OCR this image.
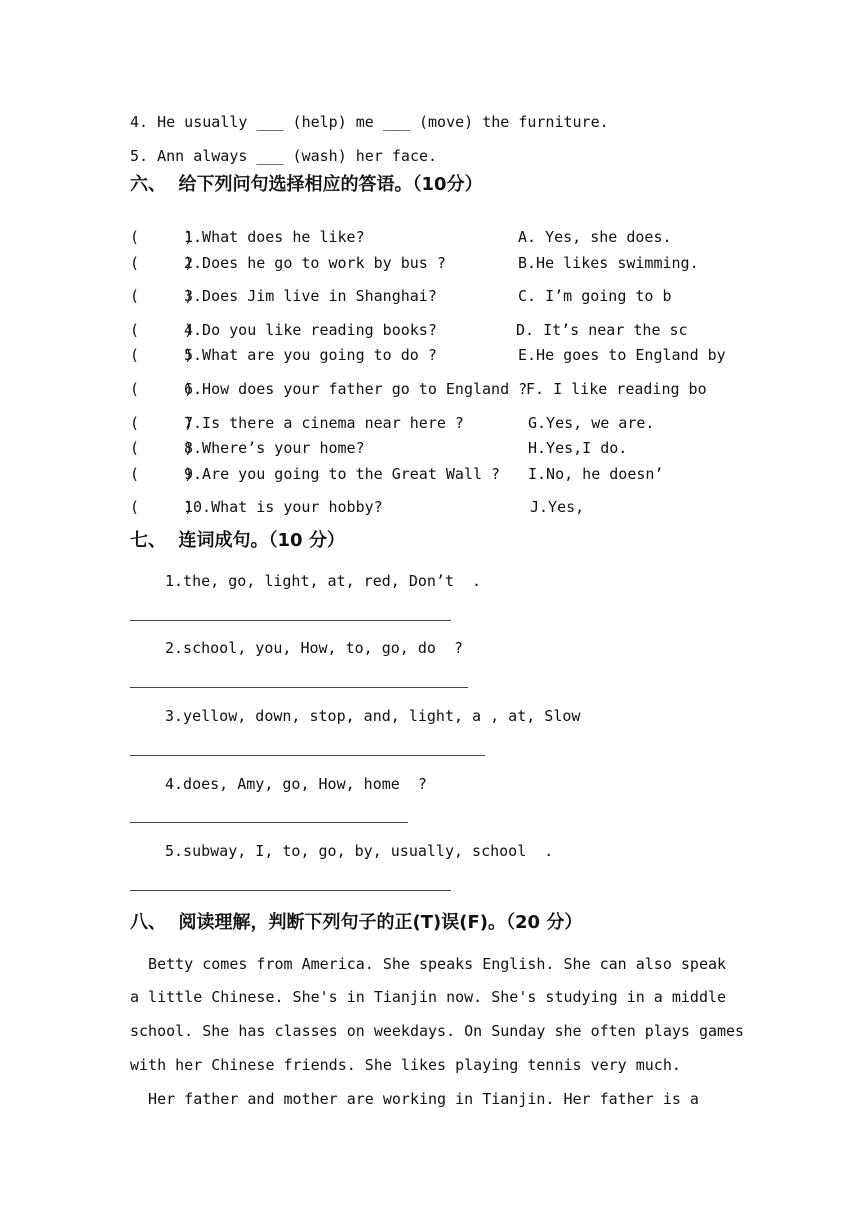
4. He usually ___ (help) me ___ (move) the furniture.
5. Ann always ___ (wash) her face.
六、  给下列问句选择相应的答语。（10分）
(     )
1.What does he like?	A. Yes, she does.
(     )
2.Does he go to work by bus ?	B.He likes swimming.
(     )
3.Does Jim live in Shanghai?	C. I’m going to b
(     )
4.Do you like reading books?	D. It’s near the sc
(     )
5.What are you going to do ?	E.He goes to England by
(     )
6.How does your father go to England ?
F. I like reading bo
(     )
7.Is there a cinema near here ?	G.Yes, we are.
(     )
8.Where’s your home?	H.Yes,I do.
(     )
9.Are you going to the Great Wall ? I.No, he doesn’
(     )
10.What is your hobby?	J.Yes,
七、  连词成句。（10 分）
1.the, go, light, at, red, Don’t  .
2.school, you, How, to, go, do  ?
3.yellow, down, stop, and, light, a , at, Slow
4.does, Amy, go, How, home  ?
5.subway, I, to, go, by, usually, school  .
八、  阅读理解，判断下列句子的正(T)误(F)。（20 分）
Betty comes from America. She speaks English. She can also speak
a little Chinese. She's in Tianjin now. She's studying in a middle
school. She has classes on weekdays. On Sunday she often plays games
with her Chinese friends. She likes playing tennis very much.
Her father and mother are working in Tianjin. Her father is a
